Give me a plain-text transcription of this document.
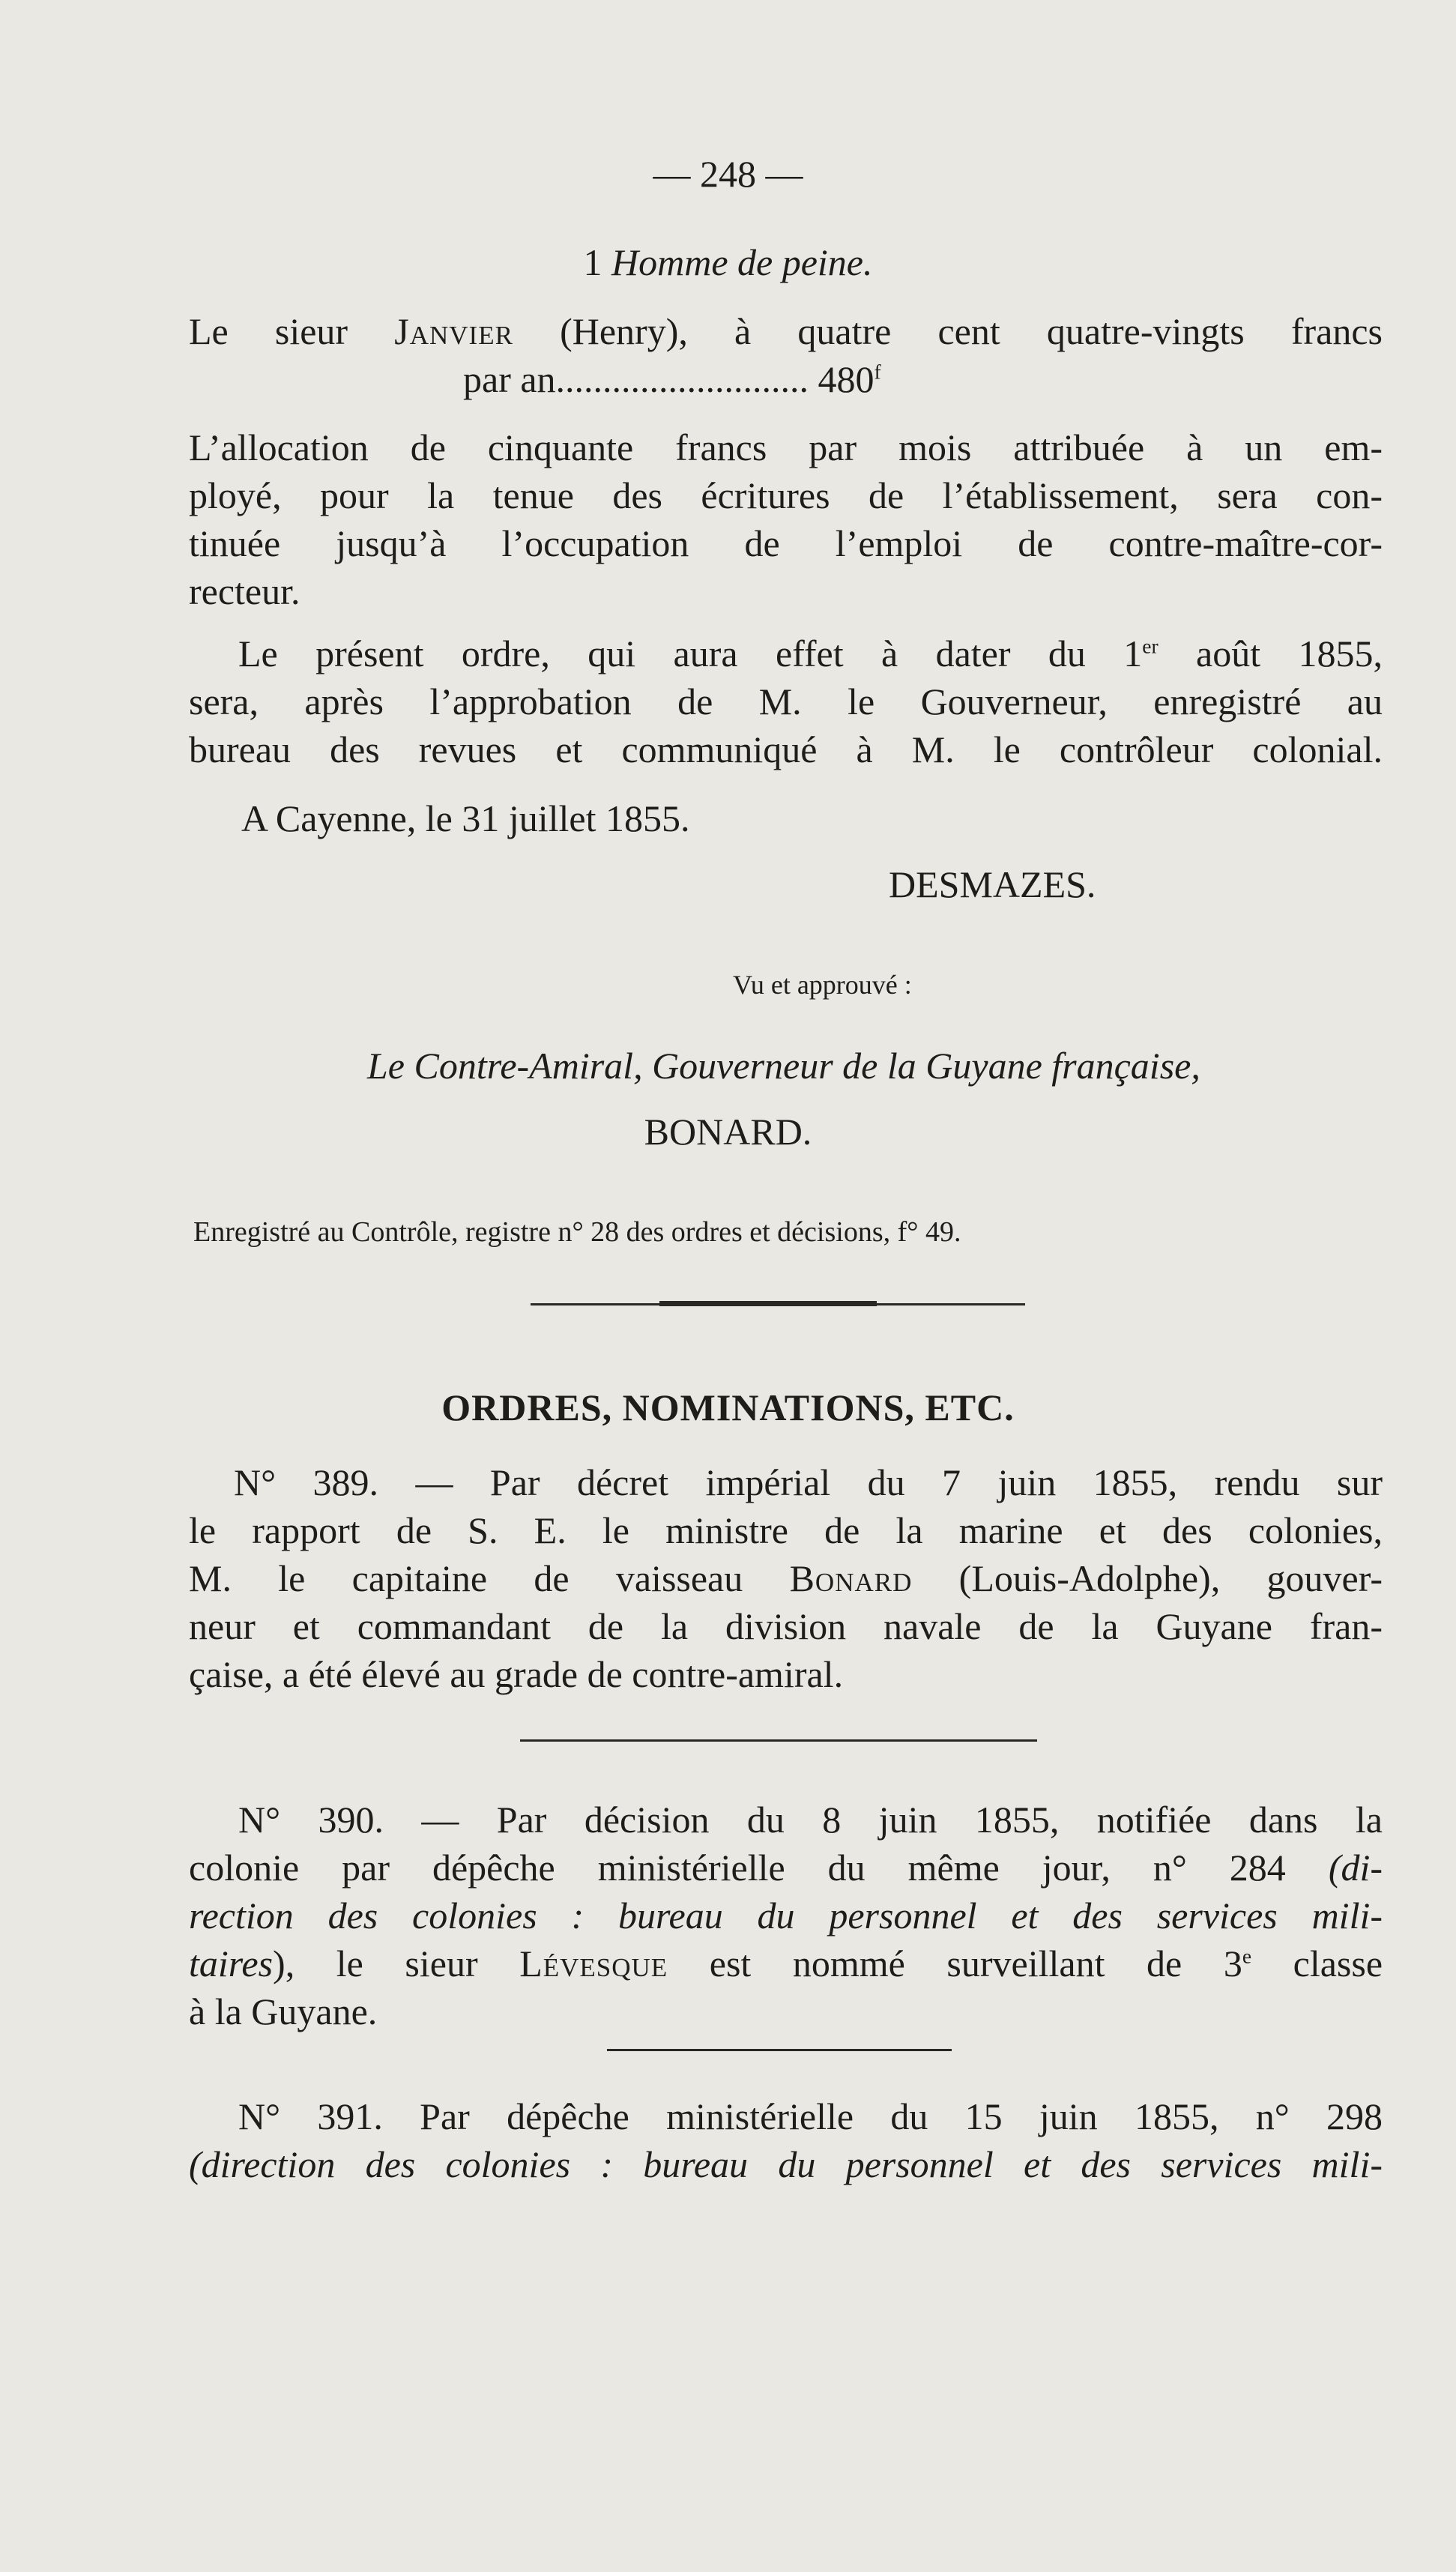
— 248 —
1 Homme de peine.
Le sieur Janvier (Henry), à quatre cent quatre-vingts francs
par an........................... 480$^f$
L’allocation de cinquante francs par mois attribuée à un em-
ployé, pour la tenue des écritures de l’établissement, sera con-
tinuée jusqu’à l’occupation de l’emploi de contre-maître-cor-
recteur.
Le présent ordre, qui aura effet à dater du 1er août 1855,
sera, après l’approbation de M. le Gouverneur, enregistré au
bureau des revues et communiqué à M. le contrôleur colonial.
A Cayenne, le 31 juillet 1855.
DESMAZES.
Vu et approuvé :
Le Contre-Amiral, Gouverneur de la Guyane française,
BONARD.
Enregistré au Contrôle, registre n° 28 des ordres et décisions, f° 49.
ORDRES, NOMINATIONS, ETC.
N° 389. — Par décret impérial du 7 juin 1855, rendu sur
le rapport de S. E. le ministre de la marine et des colonies,
M. le capitaine de vaisseau Bonard (Louis-Adolphe), gouver-
neur et commandant de la division navale de la Guyane fran-
çaise, a été élevé au grade de contre-amiral.
N° 390. — Par décision du 8 juin 1855, notifiée dans la
colonie par dépêche ministérielle du même jour, n° 284 (di-
rection des colonies : bureau du personnel et des services mili-
taires), le sieur Lévesque est nommé surveillant de 3e classe
à la Guyane.
N° 391. Par dépêche ministérielle du 15 juin 1855, n° 298
(direction des colonies : bureau du personnel et des services mili-
